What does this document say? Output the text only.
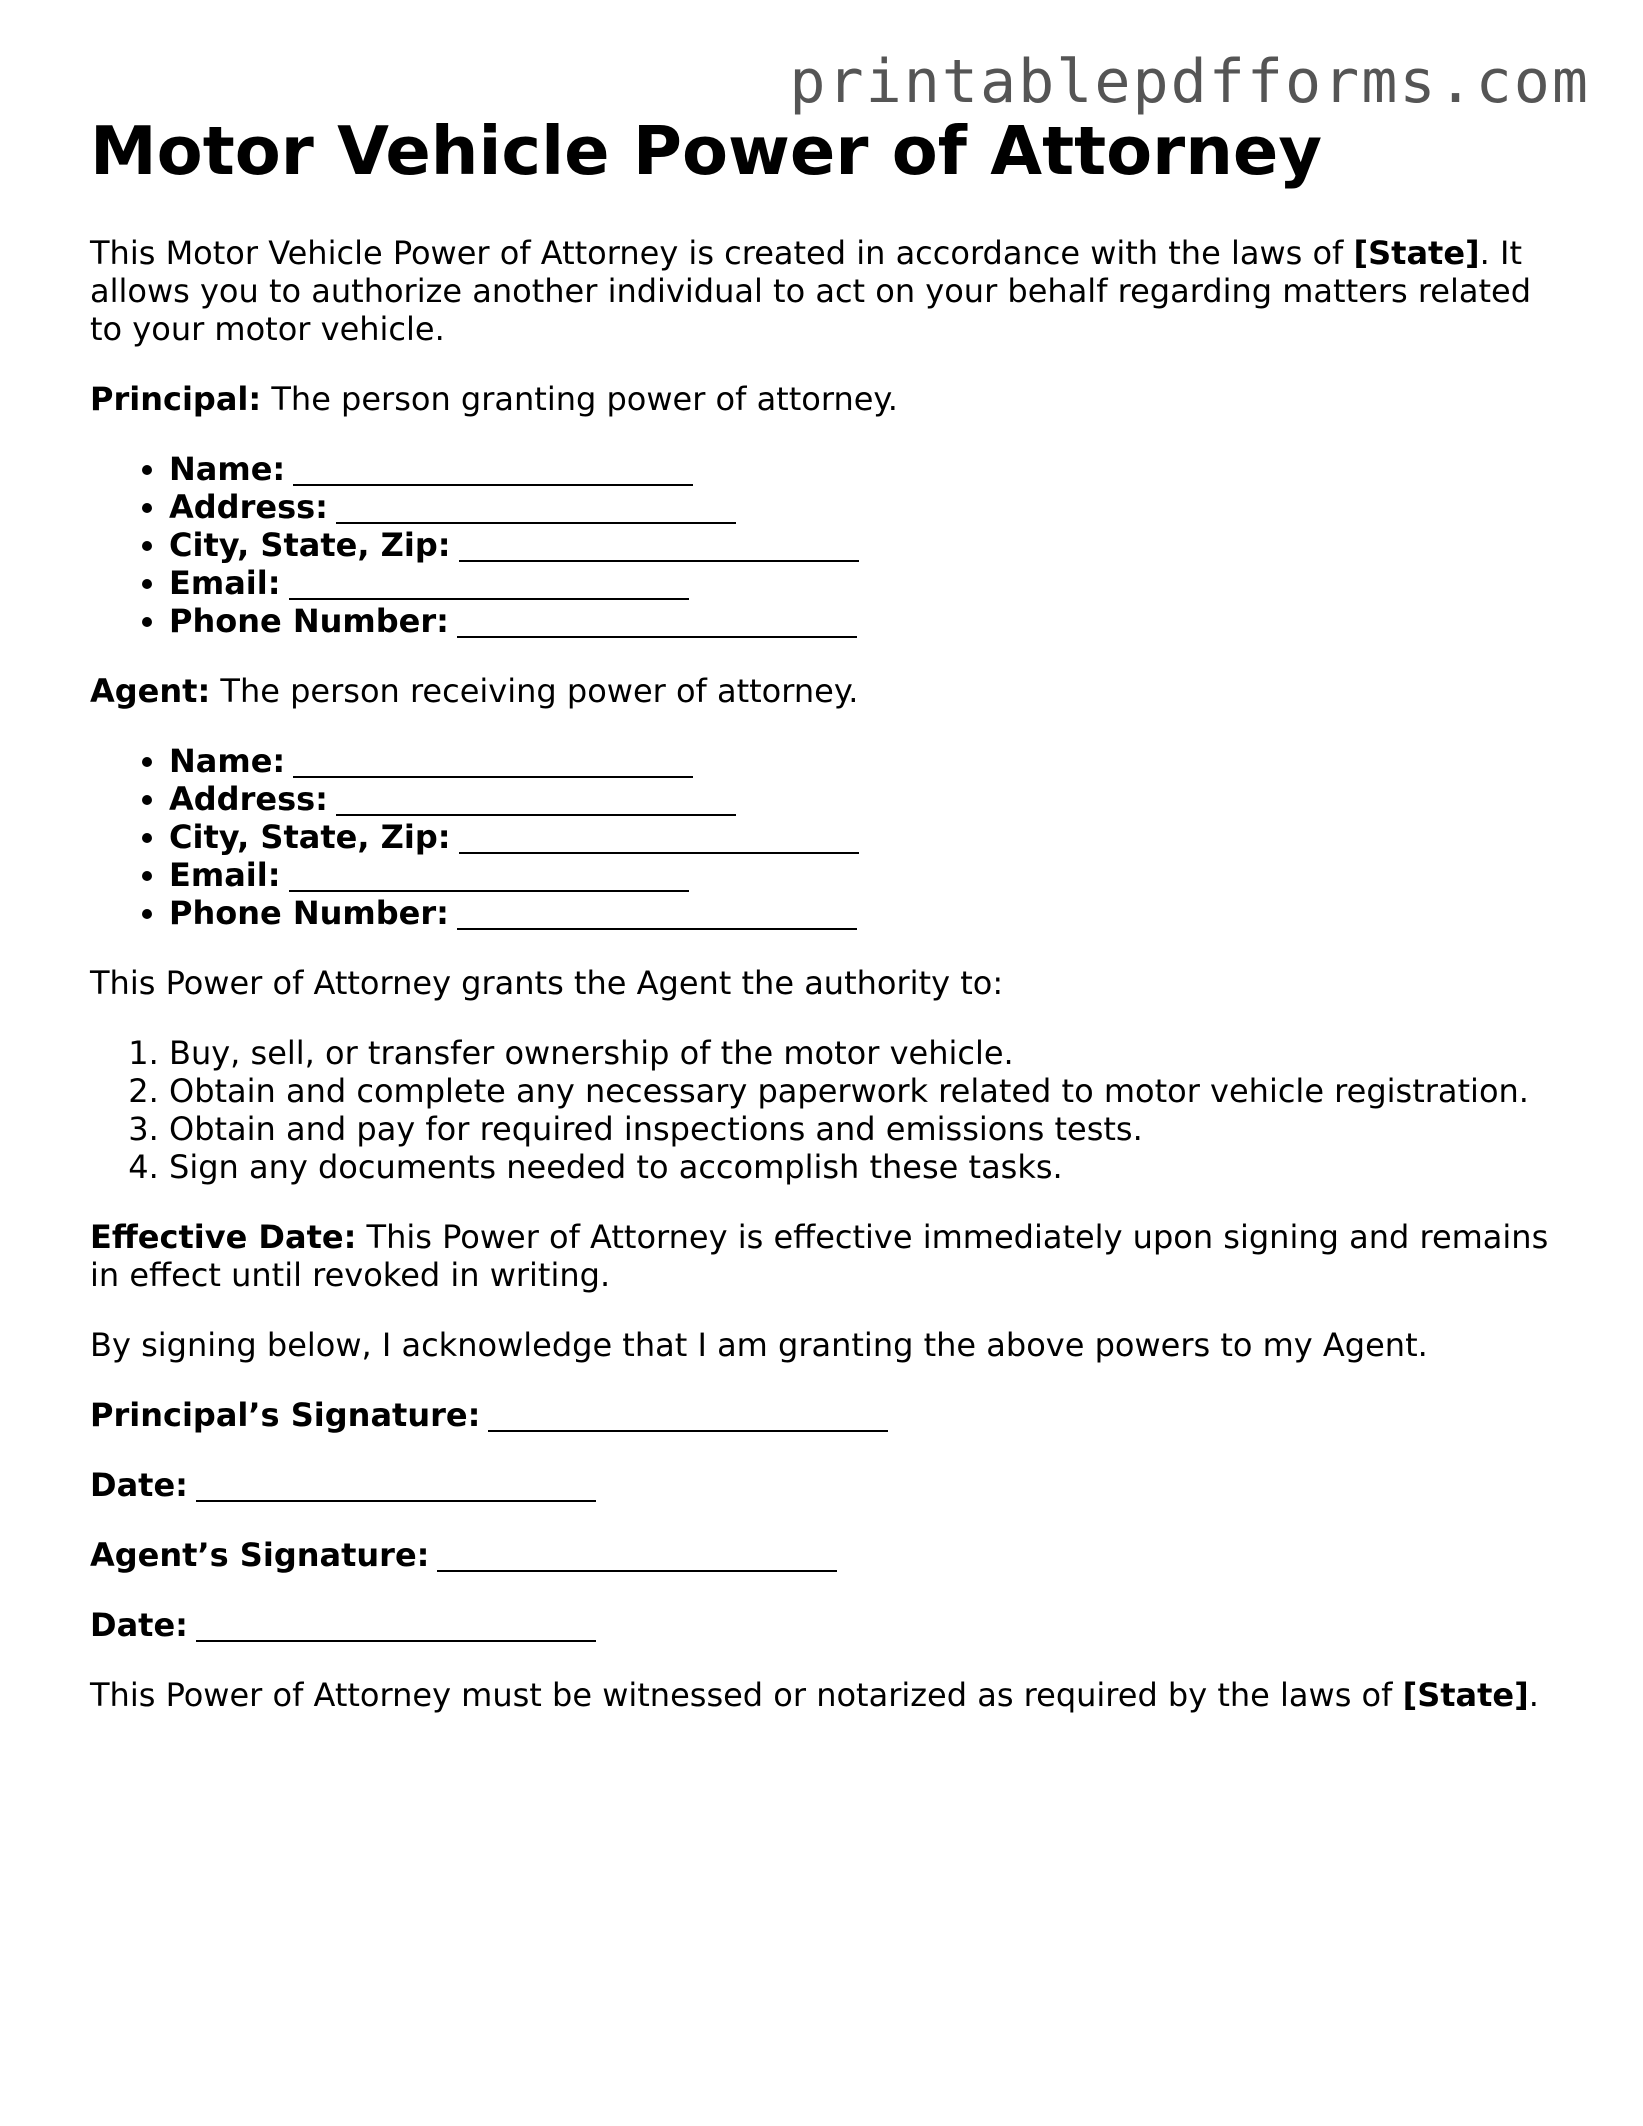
printablepdfforms.com
Motor Vehicle Power of Attorney

This Motor Vehicle Power of Attorney is created in accordance with the laws of [State]. It allows you to authorize another individual to act on your behalf regarding matters related to your motor vehicle.

Principal: The person granting power of attorney.

• Name:
• Address:
• City, State, Zip:
• Email:
• Phone Number:

Agent: The person receiving power of attorney.

• Name:
• Address:
• City, State, Zip:
• Email:
• Phone Number:

This Power of Attorney grants the Agent the authority to:

1. Buy, sell, or transfer ownership of the motor vehicle.
2. Obtain and complete any necessary paperwork related to motor vehicle registration.
3. Obtain and pay for required inspections and emissions tests.
4. Sign any documents needed to accomplish these tasks.

Effective Date: This Power of Attorney is effective immediately upon signing and remains in effect until revoked in writing.

By signing below, I acknowledge that I am granting the above powers to my Agent.

Principal’s Signature:

Date:

Agent’s Signature:

Date:

This Power of Attorney must be witnessed or notarized as required by the laws of [State].
